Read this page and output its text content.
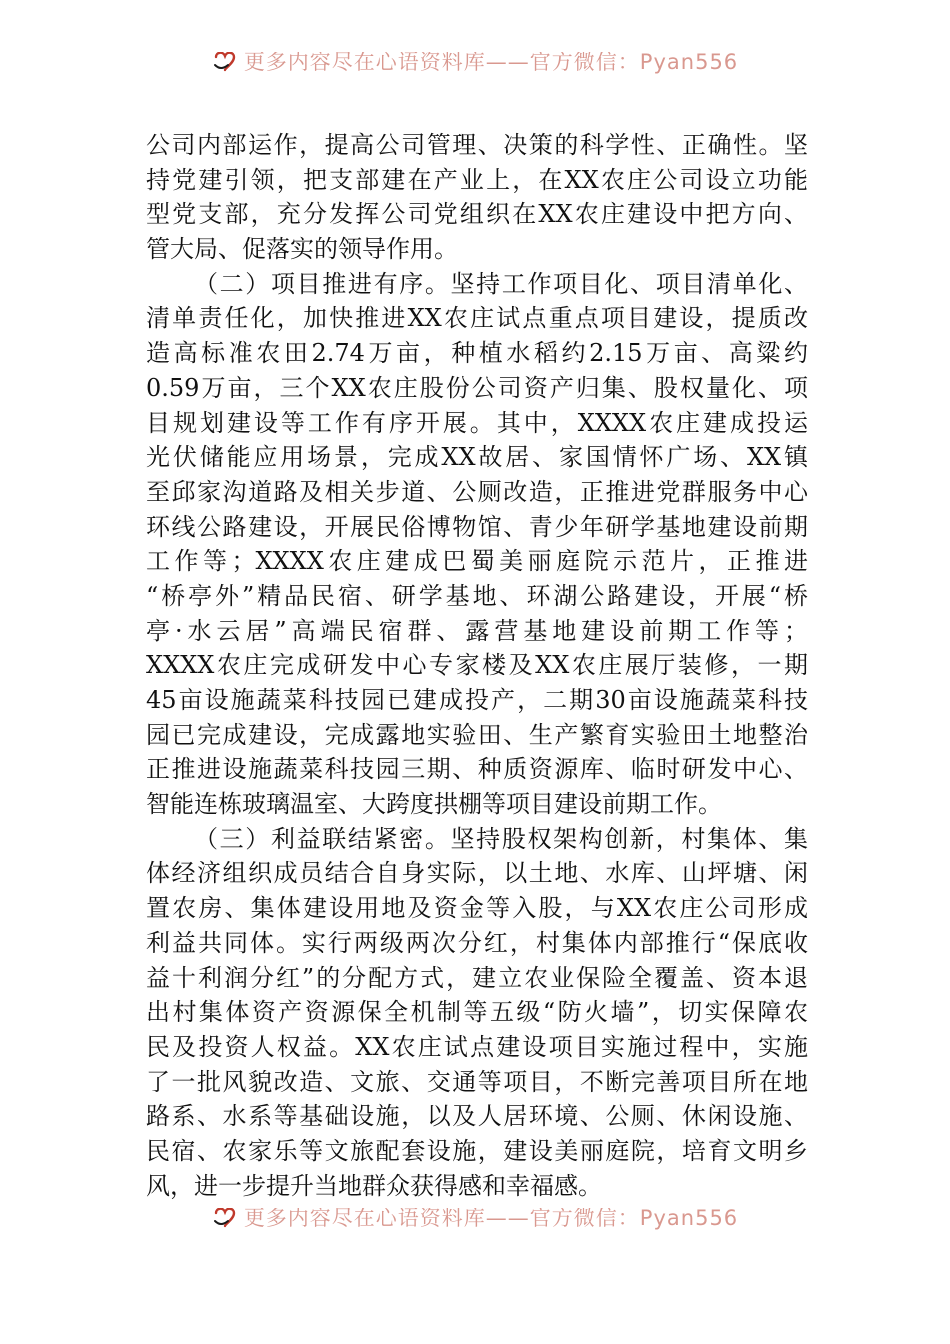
更多内容尽在心语资料库——官方微信：Pyan556
公司内部运作，提高公司管理、决策的科学性、正确性。坚
持党建引领，把支部建在产业上，在XX农庄公司设立功能
型党支部，充分发挥公司党组织在XX农庄建设中把方向、
管大局、促落实的领导作用。
（二）项目推进有序。坚持工作项目化、项目清单化、
清单责任化，加快推进XX农庄试点重点项目建设，提质改
造高标准农田2.74万亩，种植水稻约2.15万亩、高粱约
0.59万亩，三个XX农庄股份公司资产归集、股权量化、项
目规划建设等工作有序开展。其中，XXXX农庄建成投运
光伏储能应用场景，完成XX故居、家国情怀广场、XX镇
至邱家沟道路及相关步道、公厕改造，正推进党群服务中心
环线公路建设，开展民俗博物馆、青少年研学基地建设前期
工作等；XXXX农庄建成巴蜀美丽庭院示范片，正推进
“桥亭外”精品民宿、研学基地、环湖公路建设，开展“桥
亭·水云居”高端民宿群、露营基地建设前期工作等；
XXXX农庄完成研发中心专家楼及XX农庄展厅装修，一期
45亩设施蔬菜科技园已建成投产，二期30亩设施蔬菜科技
园已完成建设，完成露地实验田、生产繁育实验田土地整治
正推进设施蔬菜科技园三期、种质资源库、临时研发中心、
智能连栋玻璃温室、大跨度拱棚等项目建设前期工作。
（三）利益联结紧密。坚持股权架构创新，村集体、集
体经济组织成员结合自身实际，以土地、水库、山坪塘、闲
置农房、集体建设用地及资金等入股，与XX农庄公司形成
利益共同体。实行两级两次分红，村集体内部推行“保底收
益十利润分红”的分配方式，建立农业保险全覆盖、资本退
出村集体资产资源保全机制等五级“防火墙”，切实保障农
民及投资人权益。XX农庄试点建设项目实施过程中，实施
了一批风貌改造、文旅、交通等项目，不断完善项目所在地
路系、水系等基础设施，以及人居环境、公厕、休闲设施、
民宿、农家乐等文旅配套设施，建设美丽庭院，培育文明乡
风，进一步提升当地群众获得感和幸福感。
更多内容尽在心语资料库——官方微信：Pyan556
